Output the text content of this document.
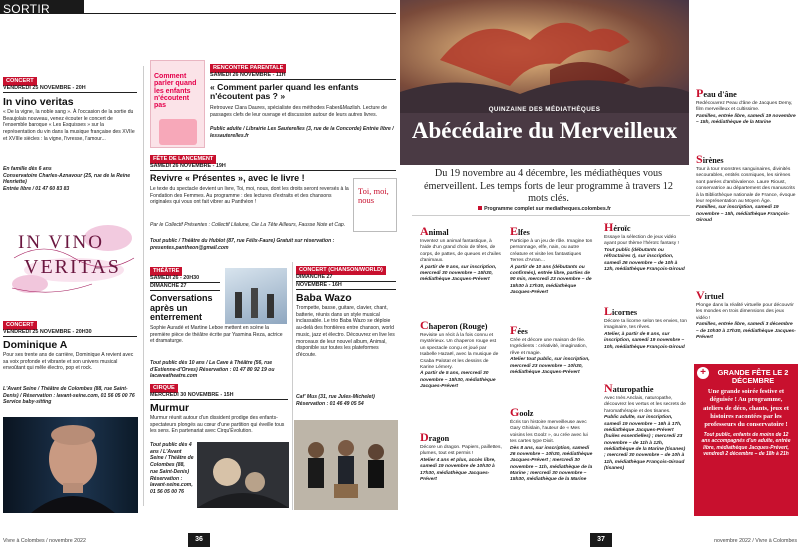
SORTIR
CONCERT
VENDREDI 25 NOVEMBRE - 20H
In vino veritas
« De la vigne, la noble sang ». À l'occasion de la sortie du Beaujolais nouveau, venez écouter le concert de l'ensemble baroque « Les Esquisses » sur la représentation du vin dans la musique française des XVIIe et XVIIIe siècles : la vigne, l'ivresse, l'amour...
En famille dès 6 ans
Conservatoire Charles-Aznavour (25, rue de la Reine Henriette)
Entrée libre / 01 47 60 83 83
IN VINO
VERITAS
CONCERT
VENDREDI 25 NOVEMBRE - 20H30
Dominique A
Pour ses trente ans de carrière, Dominique A revient avec sa voix profonde et vibrante et son univers musical envoûtant qui mêle électro, pop et rock.
L'Avant Seine / Théâtre de Colombes (88, rue Saint-Denis) / Réservation : lavant-seine.com, 01 56 05 00 76 Service baby-sitting
Comment parler quand les enfants n'écoutent pas
RENCONTRE PARENTALE
SAMEDI 26 NOVEMBRE - 11H
« Comment parler quand les enfants n'écoutent pas ? »
Retrouvez Clara Daures, spécialiste des méthodes Faber&Mazlish. Lecture de passages clefs de leur ouvrage et discussion autour de leurs autres livres.
Public adulte / Librairie Les Sauterelles (3, rue de la Concorde) Entrée libre / lessauterelles.fr
FÊTE DE LANCEMENT
SAMEDI 26 NOVEMBRE - 19H
Revivre « Présentes », avec le livre !
Le texte du spectacle devient un livre, Toi, moi, nous, dont les droits seront reversés à la Fondation des Femmes. Au programme : des lectures d'extraits et des chansons originales qui vous ont fait vibrer au Panthéon !
Par le Collectif Présentes : Collectif Lilalune, Cie La Tête Ailleurs, Fausse Note et Cap.
Tout public / Théâtre du Hublot (87, rue Félix-Faure) Gratuit sur réservation : presentes.pantheon@gmail.com
Toi, moi, nous
THÉÂTRE
SAMEDI 26 - 20H30
DIMANCHE 27
Conversations après un enterrement
Sophie Auradé et Martine Leboe mettent en scène la première pièce de théâtre écrite par Yasmina Reza, actrice et dramaturge.
Tout public dès 10 ans / La Cave à Théâtre (56, rue d'Estienne-d'Orves) Réservation : 01 47 80 92 19 ou lacaveatheatre.com
CIRQUE
MERCREDI 30 NOVEMBRE - 15H
Murmur
Murmur réunit autour d'un dissident prodige des enfants-spectateurs plongés au cœur d'une partition qui éveille tous les sens. En partenariat avec Cirqu'Évolution.
Tout public dès 4 ans / L'Avant Seine / Théâtre de Colombes (88, rue Saint-Denis) Réservation : lavant-seine.com, 01 56 05 00 76
CONCERT (CHANSON/WORLD)
DIMANCHE 27
NOVEMBRE - 16H
Baba Wazo
Trompette, basse, guitare, clavier, chant, batterie, réunis dans un style musical inclassable. Le trio Baba Wazo se déploie au-delà des frontières entre chanson, world music, jazz et électro. Découvrez en live les morceaux de leur nouvel album, Animal, disponible sur toutes les plateformes d'écoute.
Caf' Mus (31, rue Jules-Michelet) Réservation : 01 46 49 05 54
Vivre à Colombes / novembre 2022	36
QUINZAINE DES MÉDIATHÈQUES
Abécédaire du Merveilleux
Du 19 novembre au 4 décembre, les médiathèques vous émerveillent. Les temps forts de leur programme à travers 12 mots clés.
Programme complet sur mediatheques.colombes.fr
Animal
Inventez un animal fantastique, à l'aide d'un grand choix de têtes, de corps, de pattes, de queues et d'ailes d'animaux.
À partir de 9 ans, sur inscription, mercredi 30 novembre – 15h30, médiathèque Jacques-Prévert
Chaperon (Rouge)
Revisite un récit à la fois connu et mystérieux. Un chaperon rouge est un spectacle conçu et joué par Isabelle Hazaël, avec la musique de Csaba Palotaï et les dessins de Karine Lémery.
À partir de 5 ans, mercredi 30 novembre – 15h30, médiathèque Jacques-Prévert
Dragon
Décore un dragon. Papiers, paillettes, plumes, tout est permis !
Atelier 4 ans et plus, accès libre, samedi 19 novembre de 10h30 à 17h30, médiathèque Jacques-Prévert
Elfes
Participe à un jeu de rôle. Imagine ton personnage, elfe, nain, ou autre créature et visite les fantastiques Terres d'Arran…
À partir de 10 ans (débutants ou confirmés), entrée libre, parties de 90 min, mercredi 23 novembre – de 15h30 à 17h30, médiathèque Jacques-Prévert
Fées
Crée et décore une maison de fée. Ingrédients : créativité, imagination, rêve et magie.
Atelier tout public, sur inscription, mercredi 23 novembre – 10h30, médiathèque Jacques-Prévert
Goolz
Écris ton histoire merveilleuse avec Gary Ghislain, l'auteur de « Mes voisins les Goolz », ou crée avec lui tes cartes type Dixit.
Dès 8 ans, sur inscription, samedi 26 novembre – 10h30, médiathèque Jacques-Prévert ; mercredi 30 novembre – 11h, médiathèque de la Marine ; mercredi 30 novembre – 15h30, médiathèque de la Marine
Héroïc
Essaye la sélection de jeux vidéo ayant pour thème l'héroïc fantasy !
Tout public (débutants ou réfractaires !), sur inscription, samedi 26 novembre – de 10h à 12h, médiathèque François-Giroud
Licornes
Décore ta licorne selon tes envies, ton imaginaire, tes rêves.
Atelier, à partir de 6 ans, sur inscription, samedi 19 novembre – 10h, médiathèque François-Giroud
Naturopathie
Avec Inès Anclais, naturopathe, découvrez les vertus et les secrets de l'aromathérapie et des tisanes.
Public adulte, sur inscription, samedi 19 novembre – 16h à 17h, médiathèque Jacques-Prévert (huiles essentielles) ; mercredi 23 novembre – de 11h à 12h, médiathèque de la Marine (tisanes) ; mercredi 30 novembre – de 10h à 11h, médiathèque François-Giroud (tisanes)
Peau d'âne
Redécouvrez Peau d'âne de Jacques Demy, film merveilleux et cultissime.
Familles, entrée libre, samedi 19 novembre – 15h, médiathèque de la Marine
Sirènes
Tour à tour monstres sanguinaires, divinités secourables, entités cosmiques, les sirènes sont parées d'ambivalence. Laure Rioust, conservatrice au département des manuscrits à la Bibliothèque nationale de France, évoque leur représentation au Moyen Âge.
Familles, sur inscription, samedi 19 novembre – 15h, médiathèque François-Giroud
Virtuel
Plonge dans la réalité virtuelle pour découvrir les mondes en trois dimensions des jeux vidéo !
Familles, entrée libre, samedi 3 décembre – de 10h30 à 17h30, médiathèque Jacques-Prévert
+	GRANDE FÊTE LE 2 DÉCEMBRE
Une grande soirée festive et déguisée ! Au programme, ateliers de déco, chants, jeux et histoires racontées par les professeurs du conservatoire !
Tout public, enfants de moins de 12 ans accompagnés d'un adulte, entrée libre, médiathèque Jacques-Prévert, vendredi 2 décembre – de 18h à 21h
37	novembre 2022 / Vivre à Colombes
